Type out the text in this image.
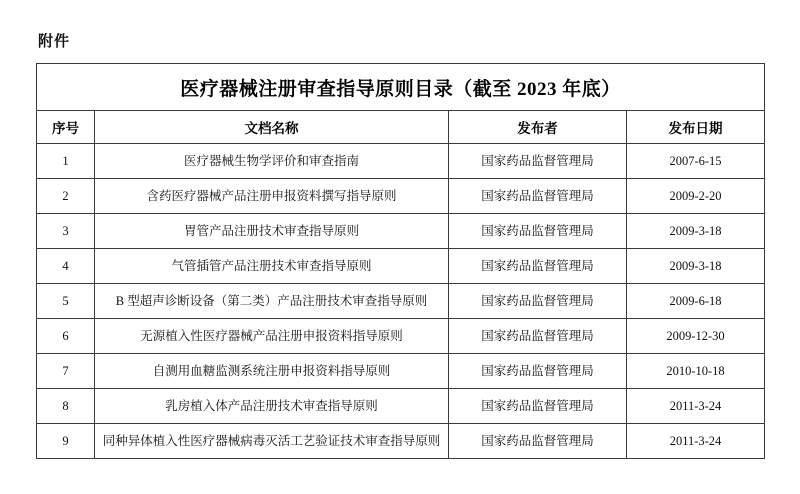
附件
医疗器械注册审查指导原则目录（截至 2023 年底）			
序号	文档名称	发布者	发布日期
1	医疗器械生物学评价和审查指南	国家药品监督管理局	2007-6-15
2	含药医疗器械产品注册申报资料撰写指导原则	国家药品监督管理局	2009-2-20
3	胃管产品注册技术审查指导原则	国家药品监督管理局	2009-3-18
4	气管插管产品注册技术审查指导原则	国家药品监督管理局	2009-3-18
5	B 型超声诊断设备（第二类）产品注册技术审查指导原则	国家药品监督管理局	2009-6-18
6	无源植入性医疗器械产品注册申报资料指导原则	国家药品监督管理局	2009-12-30
7	自测用血糖监测系统注册申报资料指导原则	国家药品监督管理局	2010-10-18
8	乳房植入体产品注册技术审查指导原则	国家药品监督管理局	2011-3-24
9	同种异体植入性医疗器械病毒灭活工艺验证技术审查指导原则	国家药品监督管理局	2011-3-24
